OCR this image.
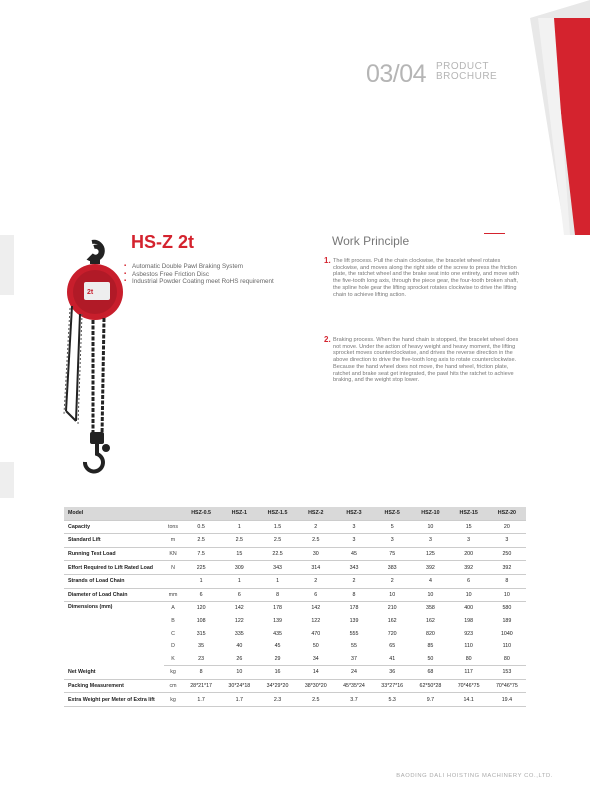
03/04 PRODUCT
BROCHURE
2t
HS-Z 2t
▪ Automatic Double Pawl Braking System
▪ Asbestos Free Friction Disc
▪ Industrial Powder Coating meet RoHS requirement
Work Principle
1. The lift process. Pull the chain clockwise, the bracelet wheel rotates clockwise, and moves along the right side of the screw to press the friction plate, the ratchet wheel and the brake seat into one entirety, and move with the five-tooth long axis, through the piece gear, the four-tooth broken shaft, the spline hole gear the lifting sprocket rotates clockwise to drive the lifting chain to achieve lifting action.
2. Braking process. When the hand chain is stopped, the bracelet wheel does not move. Under the action of heavy weight and heavy moment, the lifting sprocket moves counterclockwise, and drives the reverse direction in the above direction to drive the five-tooth long axis to rotate counterclockwise. Because the hand wheel does not move, the hand wheel, friction plate, ratchet and brake seat get integrated, the pawl hits the ratchet to achieve braking, and the weight stop lower.
Model		HSZ-0.5	HSZ-1	HSZ-1.5	HSZ-2	HSZ-3	HSZ-5	HSZ-10	HSZ-15	HSZ-20
Capacity	tons	0.5	1	1.5	2	3	5	10	15	20
Standard Lift	m	2.5	2.5	2.5	2.5	3	3	3	3	3
Running Test Load	KN	7.5	15	22.5	30	45	75	125	200	250
Effort Required to Lift Rated Load	N	225	309	343	314	343	383	392	392	392
Strands of Load Chain		1	1	1	2	2	2	4	6	8
Diameter of Load Chain	mm	6	6	8	6	8	10	10	10	10
Dimensions (mm)	A	120	142	178	142	178	210	358	400	580
	B	108	122	139	122	139	162	162	198	189
	C	315	335	435	470	555	720	820	923	1040
	D	35	40	45	50	55	65	85	110	110
	K	23	26	29	34	37	41	50	80	80
Net Weight	kg	8	10	16	14	24	36	68	117	153
Packing Measurement	cm	28*21*17	30*24*18	34*29*20	38*30*20	45*35*24	33*27*16	62*50*28	70*46*75	70*46*75
Extra Weight per Meter of Extra lift	kg	1.7	1.7	2.3	2.5	3.7	5.3	9.7	14.1	19.4
BAODING DALI HOISTING MACHINERY CO.,LTD.
